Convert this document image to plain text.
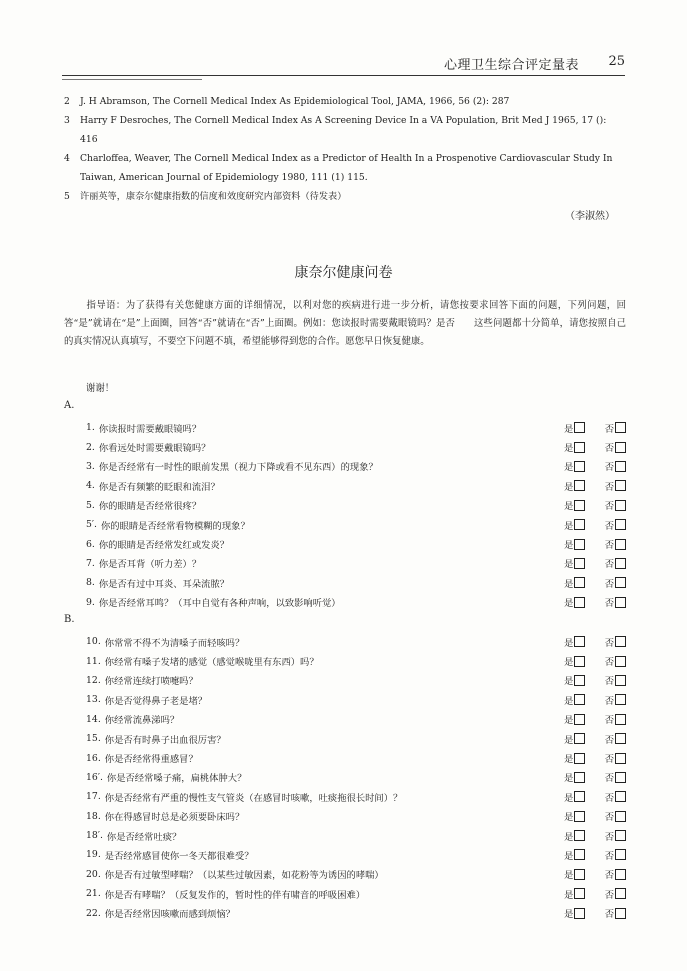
心理卫生综合评定量表 25
2	J. H Abramson, The Cornell Medical Index As Epidemiological Tool, JAMA, 1966, 56 (2): 287
3	Harry F Desroches, The Cornell Medical Index As A Screening Device In a VA Population, Brit Med J 1965, 17 (): 416
4	Charloffea, Weaver, The Cornell Medical Index as a Predictor of Health In a Prospenotive Cardiovascular Study In Taiwan, American Journal of Epidemiology 1980, 111 (1) 115.
5	许丽英等，康奈尔健康指数的信度和效度研究内部资料（待发表）
（李淑然）
康奈尔健康问卷
指导语：为了获得有关您健康方面的详细情况，以利对您的疾病进行进一步分析，请您按要求回答下面的问题，下列问题，回答“是”就请在“是”上面圈，回答“否”就请在“否”上面圈。例如：您读报时需要戴眼镜吗？是否　　这些问题都十分简单，请您按照自己的真实情况认真填写，不要空下问题不填，希望能够得到您的合作。愿您早日恢复健康。
谢谢！
A.
1. 你读报时需要戴眼镜吗？	是	否
2. 你看远处时需要戴眼镜吗？	是	否
3. 你是否经常有一时性的眼前发黑（视力下降或看不见东西）的现象？	是	否
4. 你是否有频繁的眨眼和流泪？	是	否
5. 你的眼睛是否经常很疼？	是	否
5′. 你的眼睛是否经常看物模糊的现象？	是	否
6. 你的眼睛是否经常发红或发炎？	是	否
7. 你是否耳背（听力差）？	是	否
8. 你是否有过中耳炎、耳朵流脓？	是	否
9. 你是否经常耳鸣？（耳中自觉有各种声响，以致影响听觉）	是	否
B.
10. 你常常不得不为清嗓子而轻咳吗？	是	否
11. 你经常有嗓子发堵的感觉（感觉喉咙里有东西）吗？	是	否
12. 你经常连续打喷嚏吗？	是	否
13. 你是否觉得鼻子老是堵？	是	否
14. 你经常流鼻涕吗？	是	否
15. 你是否有时鼻子出血很厉害？	是	否
16. 你是否经常得重感冒？	是	否
16′. 你是否经常嗓子痛，扁桃体肿大？	是	否
17. 你是否经常有严重的慢性支气管炎（在感冒时咳嗽，吐痰拖很长时间）？	是	否
18. 你在得感冒时总是必须要卧床吗？	是	否
18′. 你是否经常吐痰？	是	否
19. 是否经常感冒使你一冬天都很难受？	是	否
20. 你是否有过敏型哮喘？（以某些过敏因素，如花粉等为诱因的哮喘）	是	否
21. 你是否有哮喘？（反复发作的，暂时性的伴有啸音的呼吸困难）	是	否
22. 你是否经常因咳嗽而感到烦恼？	是	否
